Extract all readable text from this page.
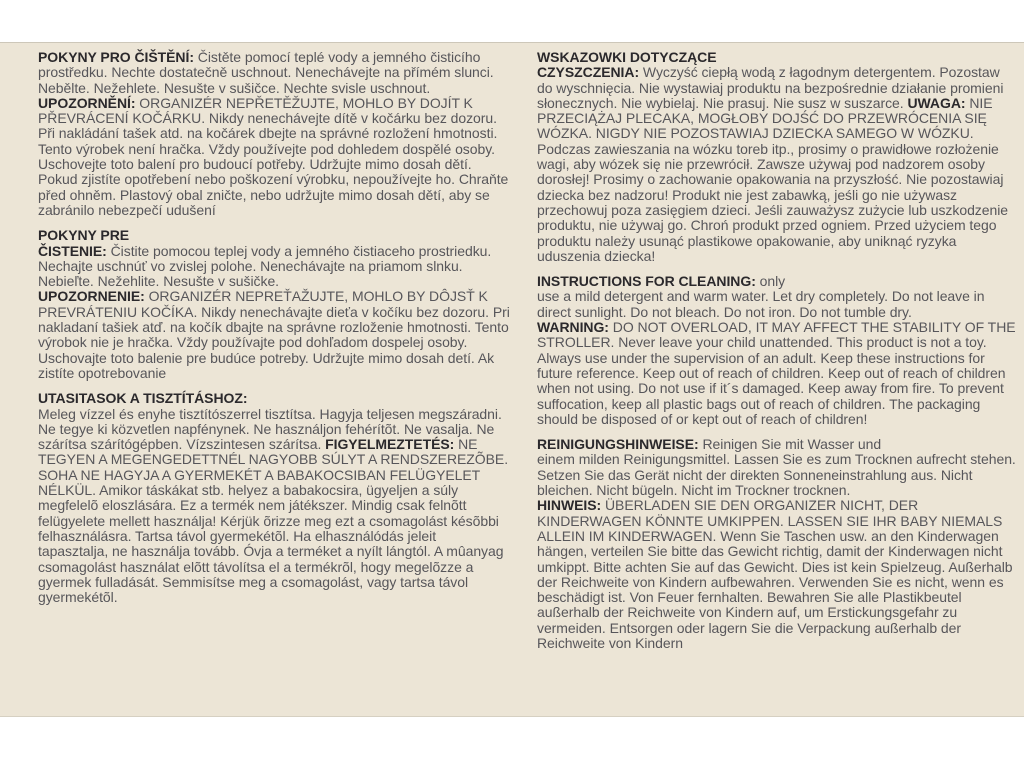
POKYNY PRO ČIŠTĚNÍ: Čistěte pomocí teplé vody a jemného čisticího prostředku. Nechte dostatečně uschnout. Nenechávejte na přímém slunci. Nebělte. Nežehlete. Nesušte v sušičce. Nechte svisle uschnout. UPOZORNĚNÍ: ORGANIZÉR NEPŘETĚŽUJTE, MOHLO BY DOJÍT K PŘEVRÁCENÍ KOČÁRKU. Nikdy nenechávejte dítě v kočárku bez dozoru. Při nakládání tašek atd. na kočárek dbejte na správné rozložení hmotnosti. Tento výrobek není hračka. Vždy používejte pod dohledem dospělé osoby. Uschovejte toto balení pro budoucí potřeby. Udržujte mimo dosah dětí. Pokud zjistíte opotřebení nebo poškození výrobku, nepoužívejte ho. Chraňte před ohněm. Plastový obal zničte, nebo udržujte mimo dosah dětí, aby se zabránilo nebezpečí udušení

POKYNY PRE
ČISTENIE: Čistite pomocou teplej vody a jemného čistiaceho prostriedku. Nechajte uschnúť vo zvislej polohe. Nenechávajte na priamom slnku. Nebieľte. Nežehlite. Nesušte v sušičke.
UPOZORNENIE: ORGANIZÉR NEPREŤAŽUJTE, MOHLO BY DÔJSŤ K PREVRÁTENIU KOČÍKA. Nikdy nenechávajte dieťa v kočíku bez dozoru. Pri nakladaní tašiek atď. na kočík dbajte na správne rozloženie hmotnosti. Tento výrobok nie je hračka. Vždy používajte pod dohľadom dospelej osoby. Uschovajte toto balenie pre budúce potreby. Udržujte mimo dosah detí. Ak zistíte opotrebovanie

UTASITASOK A TISZTÍTÁSHOZ:
Meleg vízzel és enyhe tisztítószerrel tisztítsa. Hagyja teljesen megszáradni. Ne tegye ki közvetlen napfénynek. Ne használjon fehérítõt. Ne vasalja. Ne szárítsa szárítógépben. Vízszintesen szárítsa. FIGYELMEZTETÉS: NE TEGYEN A MEGENGEDETTNÉL NAGYOBB SÚLYT A RENDSZEREZÕBE. SOHA NE HAGYJA A GYERMEKÉT A BABAKOCSIBAN FELÜGYELET NÉLKÜL. Amikor táskákat stb. helyez a babakocsira, ügyeljen a súly megfelelõ eloszlására. Ez a termék nem játékszer. Mindig csak felnõtt felügyelete mellett használja! Kérjük õrizze meg ezt a csomagolást késõbbi felhasználásra. Tartsa távol gyermekétõl. Ha elhasználódás jeleit tapasztalja, ne használja tovább. Óvja a terméket a nyílt lángtól. A mûanyag csomagolást használat elõtt távolítsa el a termékrõl, hogy megelõzze a gyermek fulladását. Semmisítse meg a csomagolást, vagy tartsa távol gyermekétõl.

WSKAZOWKI DOTYCZĄCE
CZYSZCZENIA: Wyczyść ciepłą wodą z łagodnym detergentem. Pozostaw do wyschnięcia. Nie wystawiaj produktu na bezpośrednie działanie promieni słonecznych. Nie wybielaj. Nie prasuj. Nie susz w suszarce. UWAGA: NIE PRZECIĄŻAJ PLECAKA, MOGŁOBY DOJŚĆ DO PRZEWRÓCENIA SIĘ WÓZKA. NIGDY NIE POZOSTAWIAJ DZIECKA SAMEGO W WÓZKU. Podczas zawieszania na wózku toreb itp., prosimy o prawidłowe rozłożenie wagi, aby wózek się nie przewrócił. Zawsze używaj pod nadzorem osoby dorosłej! Prosimy o zachowanie opakowania na przyszłość. Nie pozostawiaj dziecka bez nadzoru! Produkt nie jest zabawką, jeśli go nie używasz przechowuj poza zasięgiem dzieci. Jeśli zauważysz zużycie lub uszkodzenie produktu, nie używaj go. Chroń produkt przed ogniem. Przed użyciem tego produktu należy usunąć plastikowe opakowanie, aby uniknąć ryzyka uduszenia dziecka!

INSTRUCTIONS FOR CLEANING: only
use a mild detergent and warm water. Let dry completely. Do not leave in direct sunlight. Do not bleach. Do not iron. Do not tumble dry.
WARNING: DO NOT OVERLOAD, IT MAY AFFECT THE STABILITY OF THE STROLLER. Never leave your child unattended. This product is not a toy. Always use under the supervision of an adult. Keep these instructions for future reference. Keep out of reach of children. Keep out of reach of children when not using. Do not use if it´s damaged. Keep away from fire. To prevent suffocation, keep all plastic bags out of reach of children. The packaging should be disposed of or kept out of reach of children!

REINIGUNGSHINWEISE: Reinigen Sie mit Wasser und
einem milden Reinigungsmittel. Lassen Sie es zum Trocknen aufrecht stehen. Setzen Sie das Gerät nicht der direkten Sonneneinstrahlung aus. Nicht bleichen. Nicht bügeln. Nicht im Trockner trocknen.
HINWEIS: ÜBERLADEN SIE DEN ORGANIZER NICHT, DER KINDERWAGEN KÖNNTE UMKIPPEN. LASSEN SIE IHR BABY NIEMALS ALLEIN IM KINDERWAGEN. Wenn Sie Taschen usw. an den Kinderwagen hängen, verteilen Sie bitte das Gewicht richtig, damit der Kinderwagen nicht umkippt. Bitte achten Sie auf das Gewicht. Dies ist kein Spielzeug. Außerhalb der Reichweite von Kindern aufbewahren. Verwenden Sie es nicht, wenn es beschädigt ist. Von Feuer fernhalten. Bewahren Sie alle Plastikbeutel außerhalb der Reichweite von Kindern auf, um Erstickungsgefahr zu vermeiden. Entsorgen oder lagern Sie die Verpackung außerhalb der Reichweite von Kindern
